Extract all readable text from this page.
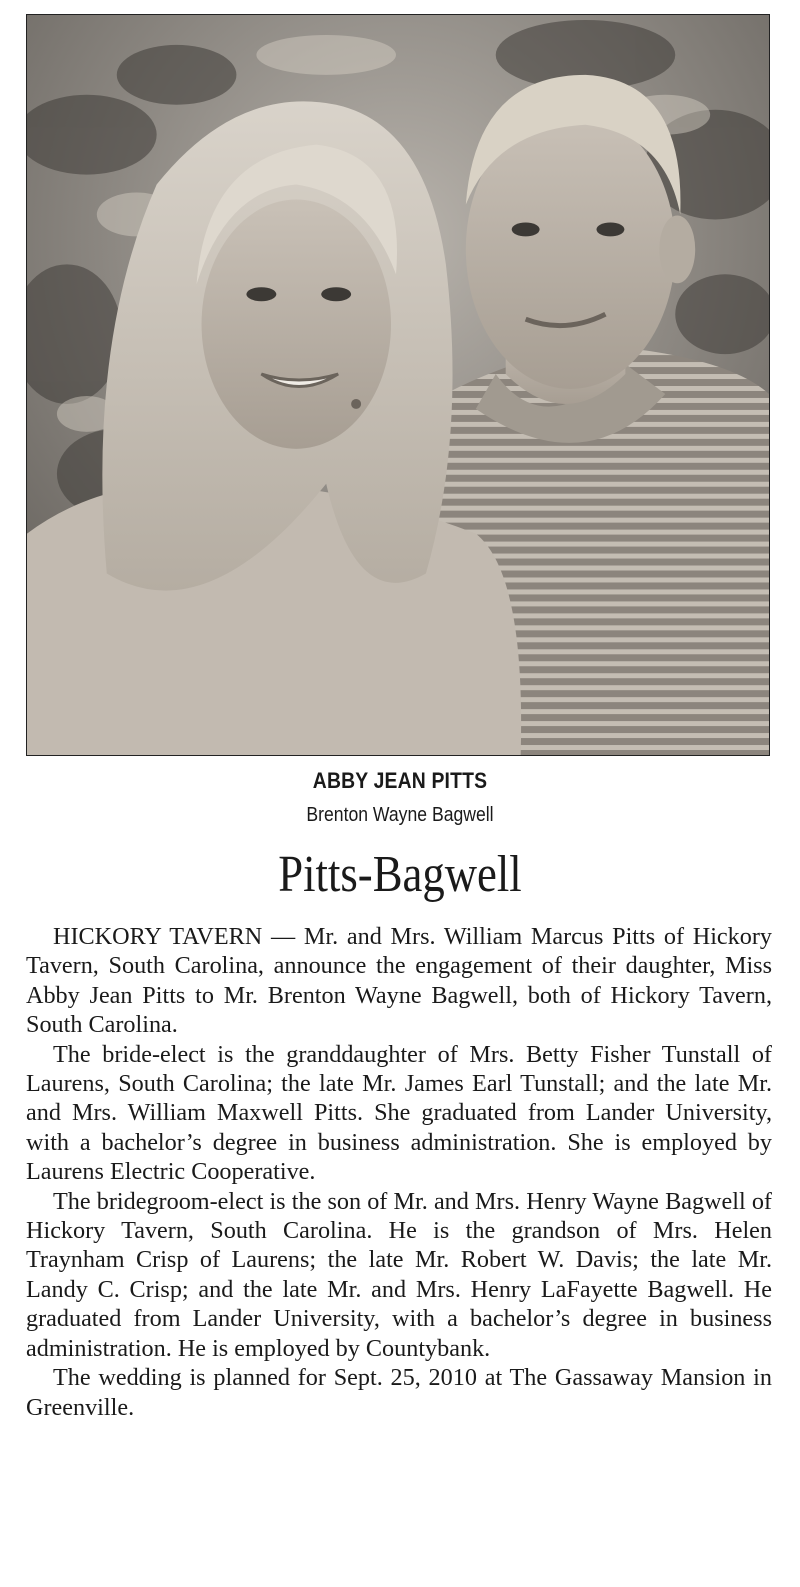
ABBY JEAN PITTS
Brenton Wayne Bagwell
Pitts-Bagwell

HICKORY TAVERN — Mr. and Mrs. William Marcus Pitts of Hickory Tavern, South Carolina, announce the engagement of their daughter, Miss Abby Jean Pitts to Mr. Brenton Wayne Bagwell, both of Hickory Tavern, South Carolina.

The bride-elect is the granddaughter of Mrs. Betty Fisher Tunstall of Laurens, South Carolina; the late Mr. James Earl Tunstall; and the late Mr. and Mrs. William Maxwell Pitts. She graduated from Lander University, with a bachelor’s degree in business administration. She is employed by Laurens Electric Cooperative.

The bridegroom-elect is the son of Mr. and Mrs. Henry Wayne Bagwell of Hickory Tavern, South Carolina. He is the grandson of Mrs. Helen Traynham Crisp of Laurens; the late Mr. Robert W. Davis; the late Mr. Landy C. Crisp; and the late Mr. and Mrs. Henry LaFayette Bagwell. He graduated from Lander University, with a bachelor’s degree in business administration. He is employed by Countybank.

The wedding is planned for Sept. 25, 2010 at The Gassaway Mansion in Greenville.
